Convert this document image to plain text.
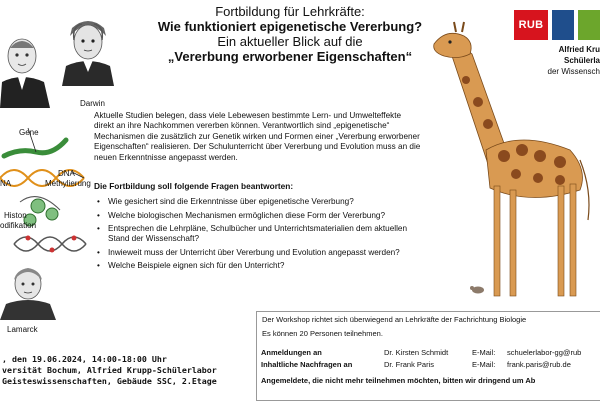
Darwin
Gene
NA
DNA
Methylierung
Histon
odifikation
Lamarck
Fortbildung für Lehrkräfte:
Wie funktioniert epigenetische Vererbung?
Ein aktueller Blick auf die
„Vererbung erworbener Eigenschaften“
RUB
Alfried Kru
Schülerla
der Wissensch
Aktuelle Studien belegen, dass viele Lebewesen bestimmte Lern- und Umwelteffekte direkt an ihre Nachkommen vererben können. Verantwortlich sind „epigenetische“ Mechanismen die zusätzlich zur Genetik wirken und Formen einer „Vererbung erworbener Eigenschaften“ realisieren. Der Schulunterricht über Vererbung und Evolution muss an die neuen Erkenntnisse angepasst werden.
Die Fortbildung soll folgende Fragen beantworten:
• Wie gesichert sind die Erkenntnisse über epigenetische Vererbung?
• Welche biologischen Mechanismen ermöglichen diese Form der Vererbung?
• Entsprechen die Lehrpläne, Schulbücher und Unterrichtsmaterialien dem aktuellen Stand der Wissenschaft?
• Inwieweit muss der Unterricht über Vererbung und Evolution angepasst werden?
• Welche Beispiele eignen sich für den Unterricht?
, den 19.06.2024, 14:00-18:00 Uhr
versität Bochum, Alfried Krupp-Schülerlabor
Geisteswissenschaften, Gebäude SSC, 2.Etage
Der Workshop richtet sich überwiegend an Lehrkräfte der Fachrichtung Biologie
Es können 20 Personen teilnehmen.
Anmeldungen an	Dr. Kirsten Schmidt	E-Mail: schuelerlabor-gg@rub
Inhaltliche Nachfragen an	Dr. Frank Paris	E-Mail: frank.paris@rub.de
Angemeldete, die nicht mehr teilnehmen möchten, bitten wir dringend um Ab
